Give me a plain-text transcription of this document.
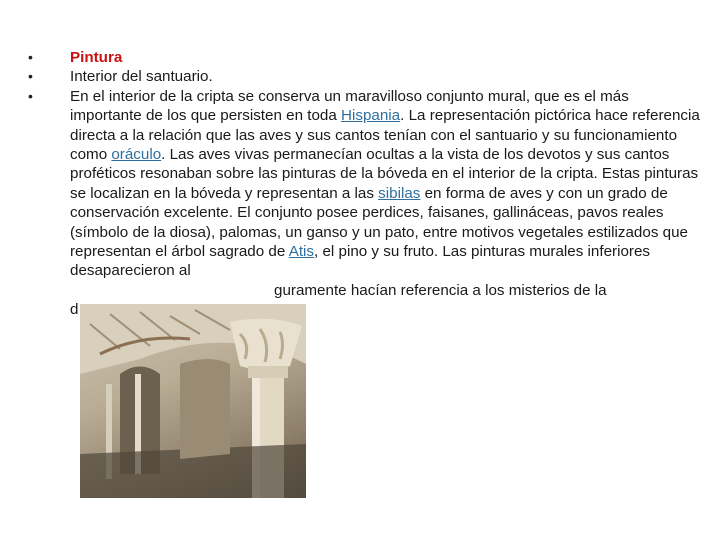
• Pintura
• Interior del santuario.
• En el interior de la cripta se conserva un maravilloso conjunto mural, que es el más importante de los que persisten en toda Hispania. La representación pictórica hace referencia directa a la relación que las aves y sus cantos tenían con el santuario y su funcionamiento como oráculo. Las aves vivas permanecían ocultas a la vista de los devotos y sus cantos proféticos resonaban sobre las pinturas de la bóveda en el interior de la cripta. Estas pinturas se localizan en la bóveda y representan a las sibilas en forma de aves y con un grado de conservación excelente. El conjunto posee perdices, faisanes, gallináceas, pavos reales (símbolo de la diosa), palomas, un ganso y un pato, entre motivos vegetales estilizados que representan el árbol sagrado de Atis, el pino y su fruto. Las pinturas murales inferiores desaparecieron al
guramente hacían referencia a los misterios de la
d
